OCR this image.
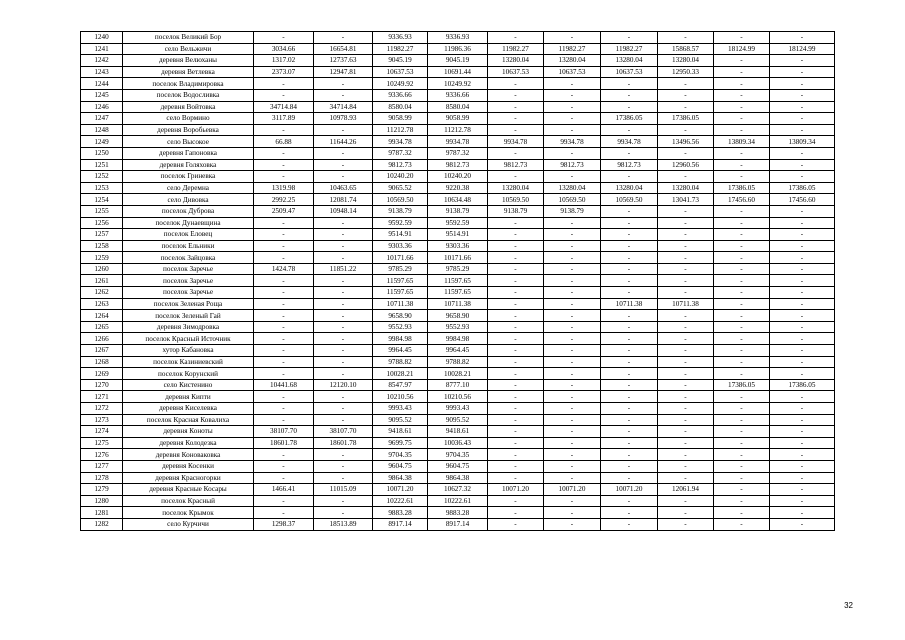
1240	поселок Великий Бор	-	-	9336.93	9336.93	-	-	-	-	-	-
1241	село Вельжичи	3034.66	16654.81	11982.27	11986.36	11982.27	11982.27	11982.27	15868.57	18124.99	18124.99
1242	деревня Велюханы	1317.02	12737.63	9045.19	9045.19	13280.04	13280.04	13280.04	13280.04	-	-
1243	деревня Ветлевка	2373.07	12947.81	10637.53	10691.44	10637.53	10637.53	10637.53	12950.33	-	-
1244	поселок Владимировка	-	-	10249.92	10249.92	-	-	-	-	-	-
1245	поселок Водосливка	-	-	9336.66	9336.66	-	-	-	-	-	-
1246	деревня Войтовка	34714.84	34714.84	8580.04	8580.04	-	-	-	-	-	-
1247	село Вормино	3117.89	10978.93	9058.99	9058.99	-	-	17386.05	17386.05	-	-
1248	деревня Воробьевка	-	-	11212.78	11212.78	-	-	-	-	-	-
1249	село Высокое	66.88	11644.26	9934.78	9934.78	9934.78	9934.78	9934.78	13496.56	13809.34	13809.34
1250	деревня Гапоновка	-	-	9787.32	9787.32	-	-	-	-	-	-
1251	деревня Голяховка	-	-	9812.73	9812.73	9812.73	9812.73	9812.73	12960.56	-	-
1252	поселок Гриневка	-	-	10240.20	10240.20	-	-	-	-	-	-
1253	село Деремна	1319.98	10463.65	9065.52	9220.38	13280.04	13280.04	13280.04	13280.04	17386.05	17386.05
1254	село Дивовка	2992.25	12081.74	10569.50	10634.48	10569.50	10569.50	10569.50	13041.73	17456.60	17456.60
1255	поселок Дуброва	2509.47	10948.14	9138.79	9138.79	9138.79	9138.79	-	-	-	-
1256	поселок Дунаевщина	-	-	9592.59	9592.59	-	-	-	-	-	-
1257	поселок Еловец	-	-	9514.91	9514.91	-	-	-	-	-	-
1258	поселок Ельники	-	-	9303.36	9303.36	-	-	-	-	-	-
1259	поселок Зайцовка	-	-	10171.66	10171.66	-	-	-	-	-	-
1260	поселок Заречье	1424.78	11851.22	9785.29	9785.29	-	-	-	-	-	-
1261	поселок Заречье	-	-	11597.65	11597.65	-	-	-	-	-	-
1262	поселок Заречье	-	-	11597.65	11597.65	-	-	-	-	-	-
1263	поселок Зеленая Роща	-	-	10711.38	10711.38	-	-	10711.38	10711.38	-	-
1264	поселок Зеленый Гай	-	-	9658.90	9658.90	-	-	-	-	-	-
1265	деревня Зимодровка	-	-	9552.93	9552.93	-	-	-	-	-	-
1266	поселок Красный Источник	-	-	9984.98	9984.98	-	-	-	-	-	-
1267	хутор Кабановка	-	-	9964.45	9964.45	-	-	-	-	-	-
1268	поселок Казиниевский	-	-	9788.82	9788.82	-	-	-	-	-	-
1269	поселок Корунский	-	-	10028.21	10028.21	-	-	-	-	-	-
1270	село Кистенино	10441.68	12120.10	8547.97	8777.10	-	-	-	-	17386.05	17386.05
1271	деревня Кипти	-	-	10210.56	10210.56	-	-	-	-	-	-
1272	деревня Киселевка	-	-	9993.43	9993.43	-	-	-	-	-	-
1273	поселок Красная Ковалиха	-	-	9095.52	9095.52	-	-	-	-	-	-
1274	деревня Коноты	38107.70	38107.70	9418.61	9418.61	-	-	-	-	-	-
1275	деревня Колодезка	18601.78	18601.78	9699.75	10036.43	-	-	-	-	-	-
1276	деревня Коноваковка	-	-	9704.35	9704.35	-	-	-	-	-	-
1277	деревня Косенки	-	-	9604.75	9604.75	-	-	-	-	-	-
1278	деревня Красногорки	-	-	9864.38	9864.38	-	-	-	-	-	-
1279	деревня Красные Косары	1466.41	11015.09	10071.20	10627.32	10071.20	10071.20	10071.20	12061.94	-	-
1280	поселок Красный	-	-	10222.61	10222.61	-	-	-	-	-	-
1281	поселок Крымок	-	-	9883.28	9883.28	-	-	-	-	-	-
1282	село Курчичи	1298.37	18513.89	8917.14	8917.14	-	-	-	-	-	-
32
